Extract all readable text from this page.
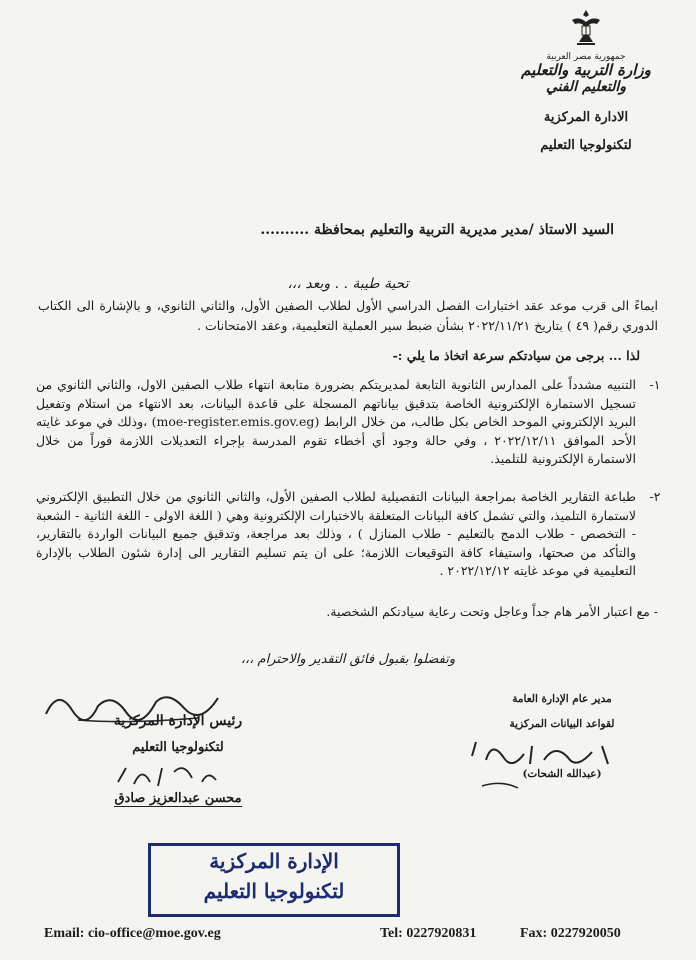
جمهورية مصر العربية
وزارة التربية والتعليم
والتعليم الفني
الادارة المركزية
لتكنولوجيا التعليم
السيد الاستاذ /مدير مديرية التربية والتعليم بمحافظة ..........
تحية طيبة . . وبعد ،،،
ايماءً الى قرب موعد عقد اختبارات الفصل الدراسي الأول لطلاب الصفين الأول، والثاني الثانوي، و بالإشارة الى الكتاب الدوري رقم( ٤٩ ) بتاريخ ٢٠٢٢/١١/٢١ بشأن ضبط سير العملية التعليمية، وعقد الامتحانات .
لذا ... برجى من سيادتكم سرعة اتخاذ ما يلي :-
١-
التنبيه مشدداً على المدارس الثانوية التابعة لمديريتكم بضرورة متابعة انتهاء طلاب الصفين الاول، والثاني الثانوي من تسجيل الاستمارة الإلكترونية الخاصة بتدقيق بياناتهم المسجلة على قاعدة البيانات، بعد الانتهاء من استلام وتفعيل البريد الإلكتروني الموحد الخاص بكل طالب، من خلال الرابط (moe-register.emis.gov.eg) ،وذلك في موعد غايته الأحد الموافق ٢٠٢٢/١٢/١١ ، وفي حالة وجود أي أخطاء تقوم المدرسة بإجراء التعديلات اللازمة فوراً من خلال الاستمارة الإلكترونية للتلميذ.
٢-
طباعة التقارير الخاصة بمراجعة البيانات التفصيلية لطلاب الصفين الأول، والثاني الثانوي من خلال التطبيق الإلكتروني لاستمارة التلميذ، والتي تشمل كافة البيانات المتعلقة بالاختبارات الإلكترونية وهي ( اللغة الاولى - اللغة الثانية - الشعبة - التخصص - طلاب الدمج بالتعليم - طلاب المنازل ) ، وذلك بعد مراجعة، وتدقيق جميع البيانات الواردة بالتقارير، والتأكد من صحتها، واستيفاء كافة التوقيعات اللازمة؛ على ان يتم تسليم التقارير الى إدارة شئون الطلاب بالإدارة التعليمية في موعد غايته ٢٠٢٢/١٢/١٢ .
- مع اعتبار الأمر هام جداً وعاجل وتحت رعاية سيادتكم الشخصية.
وتفضلوا بقبول فائق التقدير والاحترام ،،،
رئيس الإدارة المركزية
لتكنولوجيا التعليم
محسن عبدالعزيز صادق
مدير عام الإدارة العامة
لقواعد البيانات المركزية
(عبدالله الشحات)
الإدارة المركزية
لتكنولوجيا التعليم
Email: cio-office@moe.gov.eg	Tel: 0227920831	Fax: 0227920050
